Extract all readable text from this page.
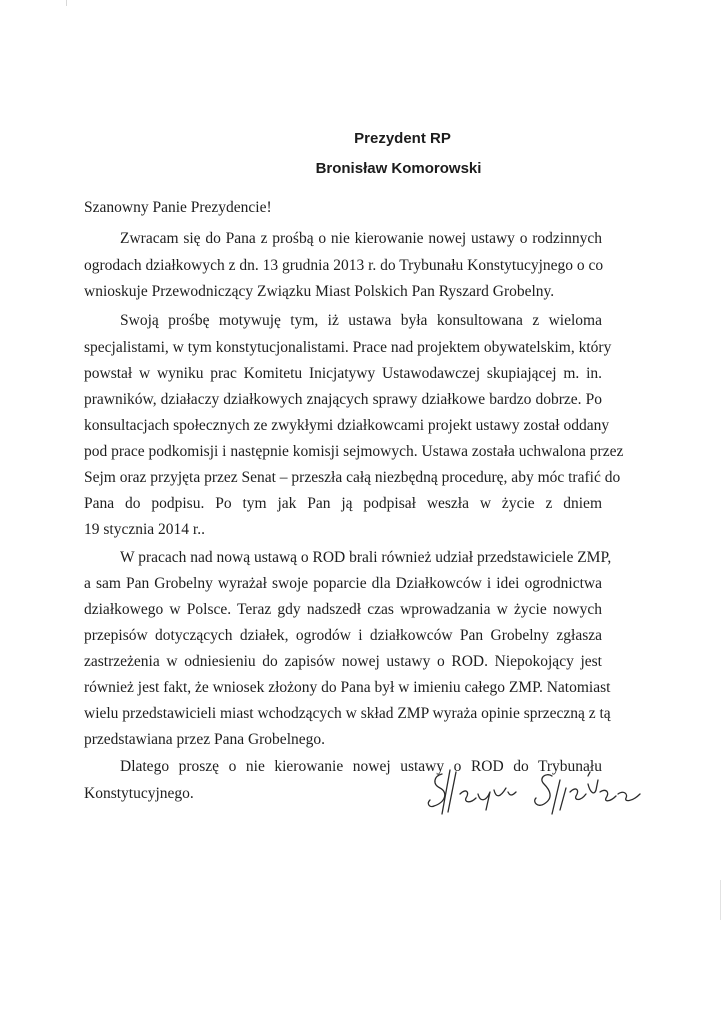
Prezydent RP
Bronisław Komorowski
Szanowny Panie Prezydencie!
Zwracam się do Pana z prośbą o nie kierowanie nowej ustawy o rodzinnych
ogrodach działkowych z dn. 13 grudnia 2013 r. do Trybunału Konstytucyjnego o co
wnioskuje Przewodniczący Związku Miast Polskich Pan Ryszard Grobelny.
Swoją prośbę motywuję tym, iż ustawa była konsultowana z wieloma
specjalistami, w tym konstytucjonalistami. Prace nad projektem obywatelskim, który
powstał w wyniku prac Komitetu Inicjatywy Ustawodawczej skupiającej m. in.
prawników, działaczy działkowych znających sprawy działkowe bardzo dobrze. Po
konsultacjach społecznych ze zwykłymi działkowcami projekt ustawy został oddany
pod prace podkomisji i następnie komisji sejmowych. Ustawa została uchwalona przez
Sejm oraz przyjęta przez Senat – przeszła całą niezbędną procedurę, aby móc trafić do
Pana do podpisu. Po tym jak Pan ją podpisał weszła w życie z dniem
19 stycznia 2014 r..
W pracach nad nową ustawą o ROD brali również udział przedstawiciele ZMP,
a sam Pan Grobelny wyrażał swoje poparcie dla Działkowców i idei ogrodnictwa
działkowego w Polsce. Teraz gdy nadszedł czas wprowadzania w życie nowych
przepisów dotyczących działek, ogrodów i działkowców Pan Grobelny zgłasza
zastrzeżenia w odniesieniu do zapisów nowej ustawy o ROD. Niepokojący jest
również jest fakt, że wniosek złożony do Pana był w imieniu całego ZMP. Natomiast
wielu przedstawicieli miast wchodzących w skład ZMP wyraża opinie sprzeczną z tą
przedstawiana przez Pana Grobelnego.
Dlatego proszę o nie kierowanie nowej ustawy o ROD do Trybunału
Konstytucyjnego.
